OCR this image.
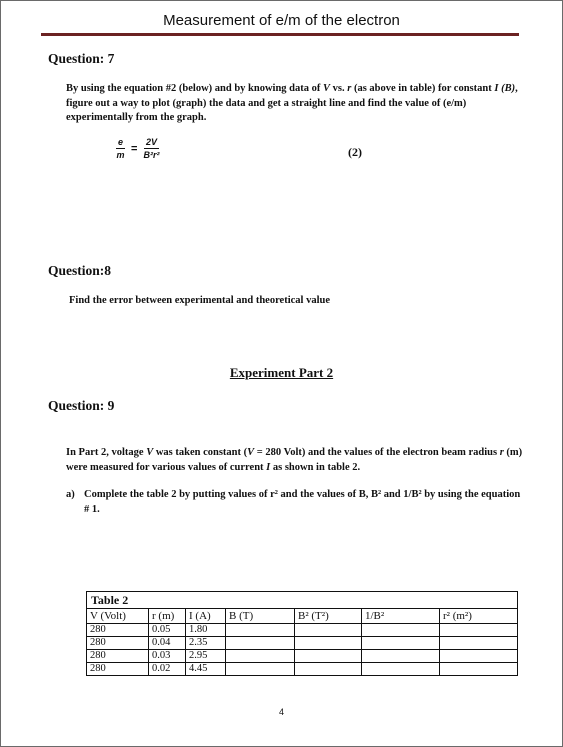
Measurement of e/m of the electron
Question: 7
By using the equation #2 (below) and by knowing data of V vs. r (as above in table) for constant I (B), figure out a way to plot (graph) the data and get a straight line and find the value of (e/m) experimentally from the graph.
$\frac{e}{m} = \frac{2V}{\text{B²r²}}$	(2)
Question:8
Find the error between experimental and theoretical value
Experiment Part 2
Question: 9
In Part 2, voltage V was taken constant (V = 280 Volt) and the values of the electron beam radius r (m) were measured for various values of current I as shown in table 2.
a) Complete the table 2 by putting values of r² and the values of B, B² and 1/B² by using the equation # 1.
Table 2						
V (Volt)	r (m)	I (A)	B (T)	B² (T²)	1/B²	r² (m²)
280	0.05	1.80				
280	0.04	2.35				
280	0.03	2.95				
280	0.02	4.45				
4
